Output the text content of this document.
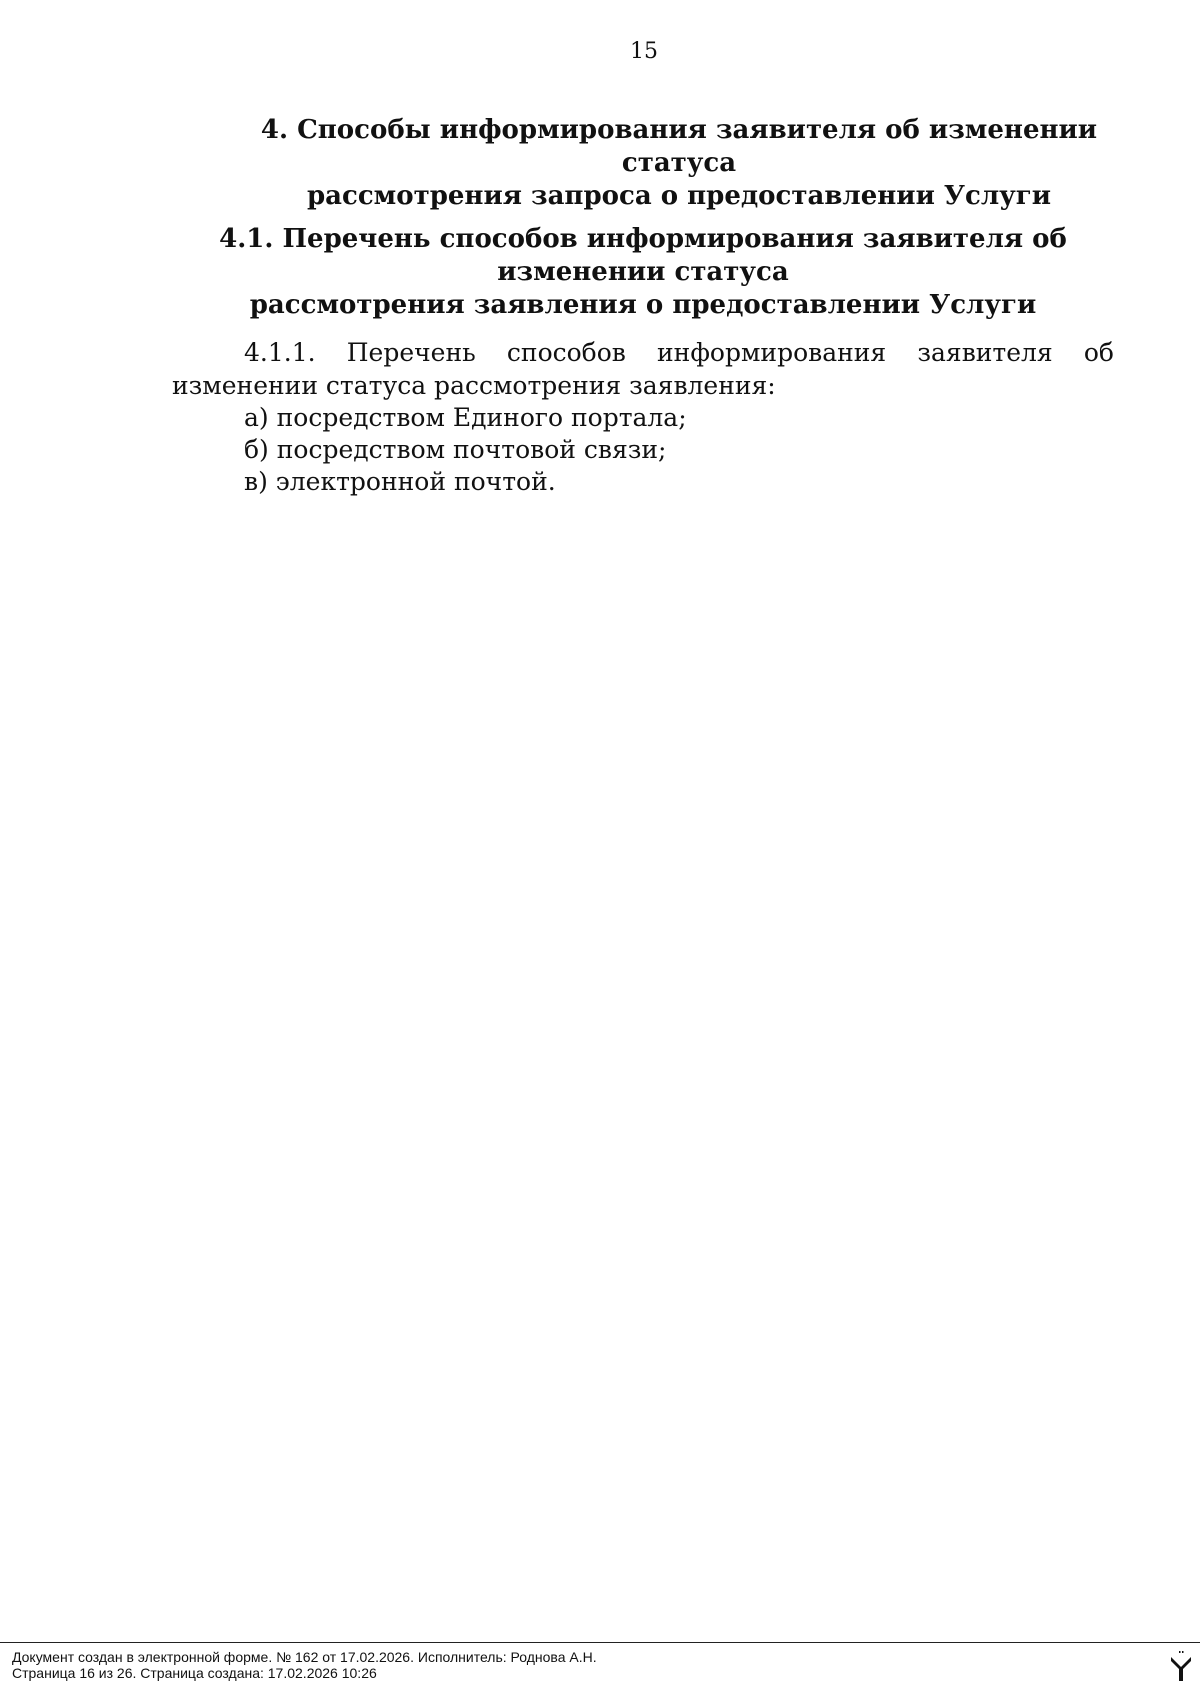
15
4. Способы информирования заявителя об изменении статуса
рассмотрения запроса о предоставлении Услуги
4.1. Перечень способов информирования заявителя об изменении статуса
рассмотрения заявления о предоставлении Услуги

4.1.1. Перечень способов информирования заявителя об изменении статуса рассмотрения заявления:

а) посредством Единого портала;
б) посредством почтовой связи;
в) электронной почтой.
Документ создан в электронной форме. № 162 от 17.02.2026. Исполнитель: Роднова А.Н.
Страница 16 из 26. Страница создана: 17.02.2026 10:26
